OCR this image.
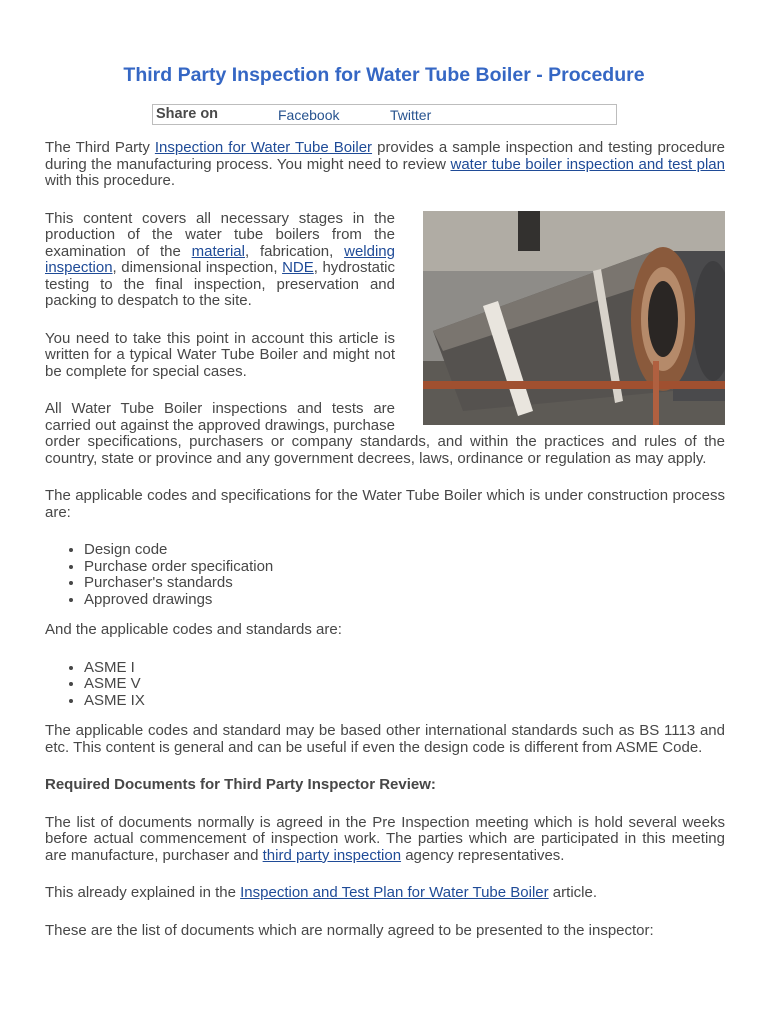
Third Party Inspection for Water Tube Boiler - Procedure
Share on	Facebook	Twitter

The Third Party Inspection for Water Tube Boiler provides a sample inspection and testing procedure during the manufacturing process. You might need to review water tube boiler inspection and test plan with this procedure.

This content covers all necessary stages in the production of the water tube boilers from the examination of the material, fabrication, welding inspection, dimensional inspection, NDE, hydrostatic testing to the final inspection, preservation and packing to despatch to the site.

You need to take this point in account this article is written for a typical Water Tube Boiler and might not be complete for special cases.

All Water Tube Boiler inspections and tests are carried out against the approved drawings, purchase order specifications, purchasers or company standards, and within the practices and rules of the country, state or province and any government decrees, laws, ordinance or regulation as may apply.

The applicable codes and specifications for the Water Tube Boiler which is under construction process are:

• Design code
• Purchase order specification
• Purchaser's standards
• Approved drawings

And the applicable codes and standards are:

• ASME I
• ASME V
• ASME IX

The applicable codes and standard may be based other international standards such as BS 1113 and etc. This content is general and can be useful if even the design code is different from ASME Code.

Required Documents for Third Party Inspector Review:

The list of documents normally is agreed in the Pre Inspection meeting which is hold several weeks before actual commencement of inspection work. The parties which are participated in this meeting are manufacture, purchaser and third party inspection agency representatives.

This already explained in the Inspection and Test Plan for Water Tube Boiler article.

These are the list of documents which are normally agreed to be presented to the inspector:
